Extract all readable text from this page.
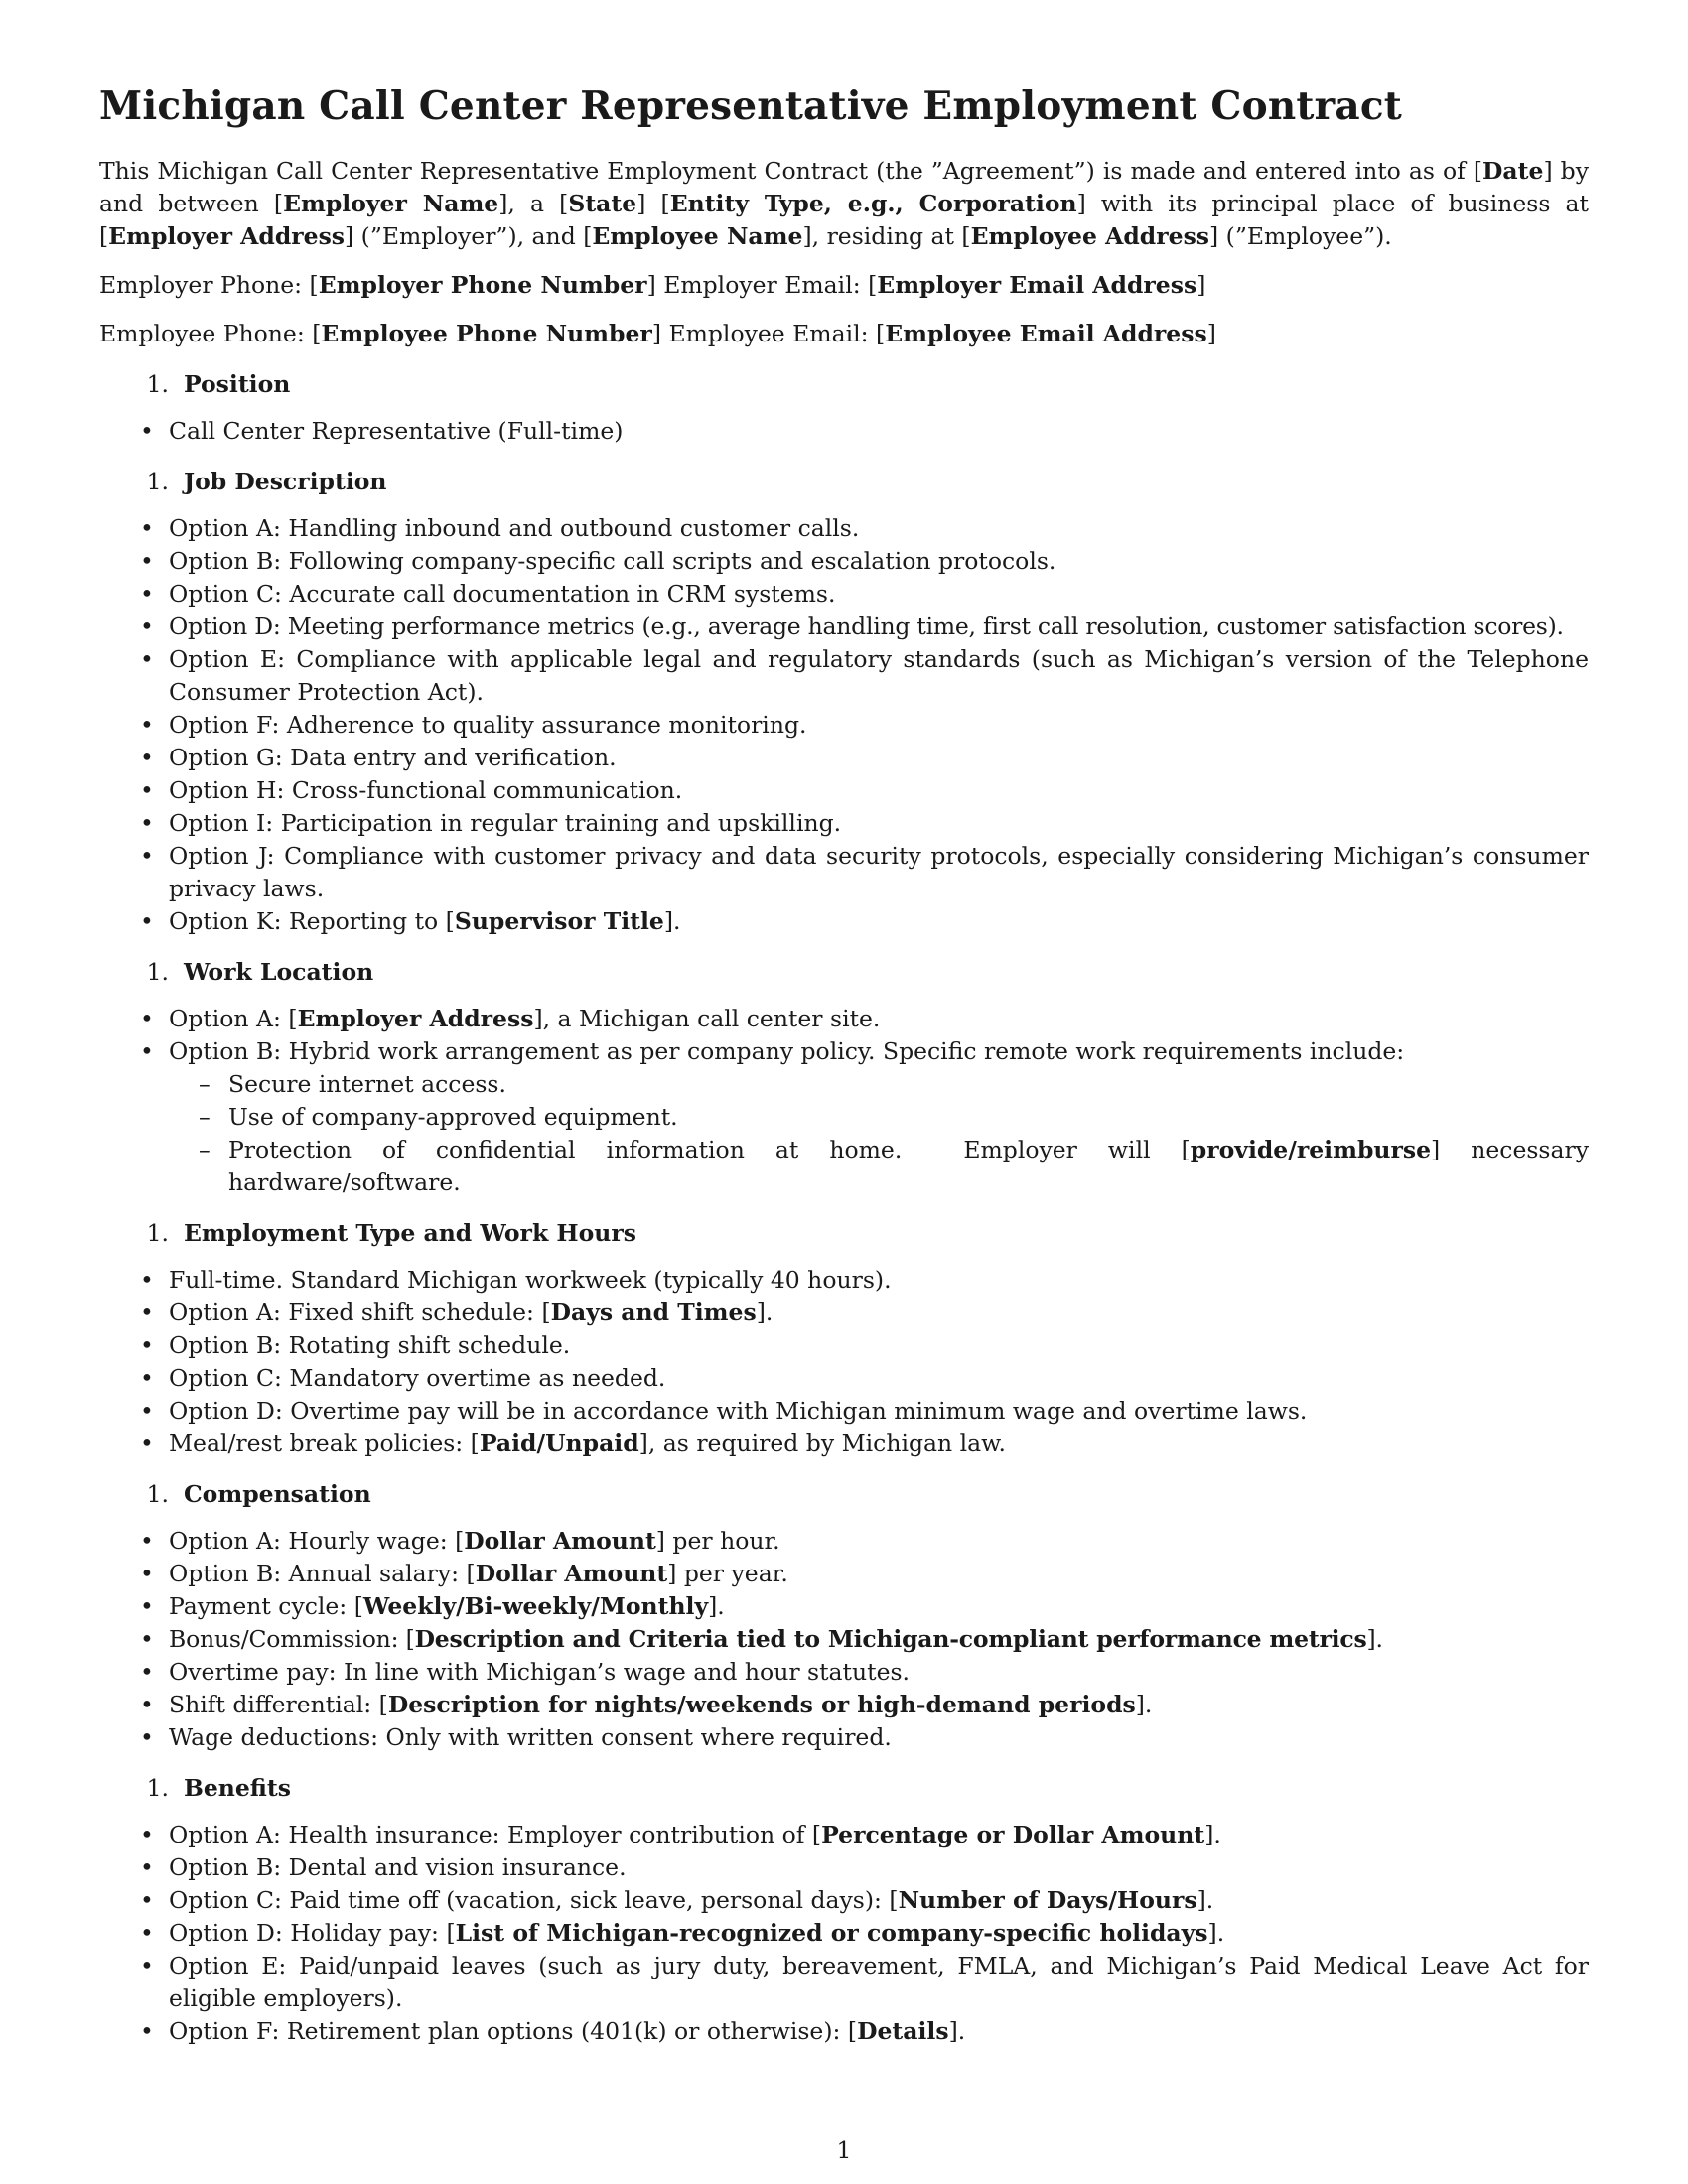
Michigan Call Center Representative Employment Contract

This Michigan Call Center Representative Employment Contract (the ”Agreement”) is made and entered into as of [Date] by and between [Employer Name], a [State] [Entity Type, e.g., Corporation] with its principal place of business at [Employer Address] (”Employer”), and [Employee Name], residing at [Employee Address] (”Employee”).

Employer Phone: [Employer Phone Number] Employer Email: [Employer Email Address]

Employee Phone: [Employee Phone Number] Employee Email: [Employee Email Address]

1.
Position
• Call Center Representative (Full-time)
1.
Job Description
• Option A: Handling inbound and outbound customer calls.
• Option B: Following company-specific call scripts and escalation protocols.
• Option C: Accurate call documentation in CRM systems.
• Option D: Meeting performance metrics (e.g., average handling time, first call resolution, customer satisfaction scores).
• Option E: Compliance with applicable legal and regulatory standards (such as Michigan’s version of the Telephone Consumer Protection Act).
• Option F: Adherence to quality assurance monitoring.
• Option G: Data entry and verification.
• Option H: Cross-functional communication.
• Option I: Participation in regular training and upskilling.
• Option J: Compliance with customer privacy and data security protocols, especially considering Michigan’s consumer privacy laws.
• Option K: Reporting to [Supervisor Title].
1.
Work Location
• Option A: [Employer Address], a Michigan call center site.
• Option B: Hybrid work arrangement as per company policy. Specific remote work requirements include:
– Secure internet access.
– Use of company-approved equipment.
– Protection of confidential information at home.  Employer will [provide/reimburse] necessary hardware/software.
1.
Employment Type and Work Hours
• Full-time. Standard Michigan workweek (typically 40 hours).
• Option A: Fixed shift schedule: [Days and Times].
• Option B: Rotating shift schedule.
• Option C: Mandatory overtime as needed.
• Option D: Overtime pay will be in accordance with Michigan minimum wage and overtime laws.
• Meal/rest break policies: [Paid/Unpaid], as required by Michigan law.
1.
Compensation
• Option A: Hourly wage: [Dollar Amount] per hour.
• Option B: Annual salary: [Dollar Amount] per year.
• Payment cycle: [Weekly/Bi-weekly/Monthly].
• Bonus/Commission: [Description and Criteria tied to Michigan-compliant performance metrics].
• Overtime pay: In line with Michigan’s wage and hour statutes.
• Shift differential: [Description for nights/weekends or high-demand periods].
• Wage deductions: Only with written consent where required.
1.
Benefits
• Option A: Health insurance: Employer contribution of [Percentage or Dollar Amount].
• Option B: Dental and vision insurance.
• Option C: Paid time off (vacation, sick leave, personal days): [Number of Days/Hours].
• Option D: Holiday pay: [List of Michigan-recognized or company-specific holidays].
• Option E: Paid/unpaid leaves (such as jury duty, bereavement, FMLA, and Michigan’s Paid Medical Leave Act for eligible employers).
• Option F: Retirement plan options (401(k) or otherwise): [Details].
1
